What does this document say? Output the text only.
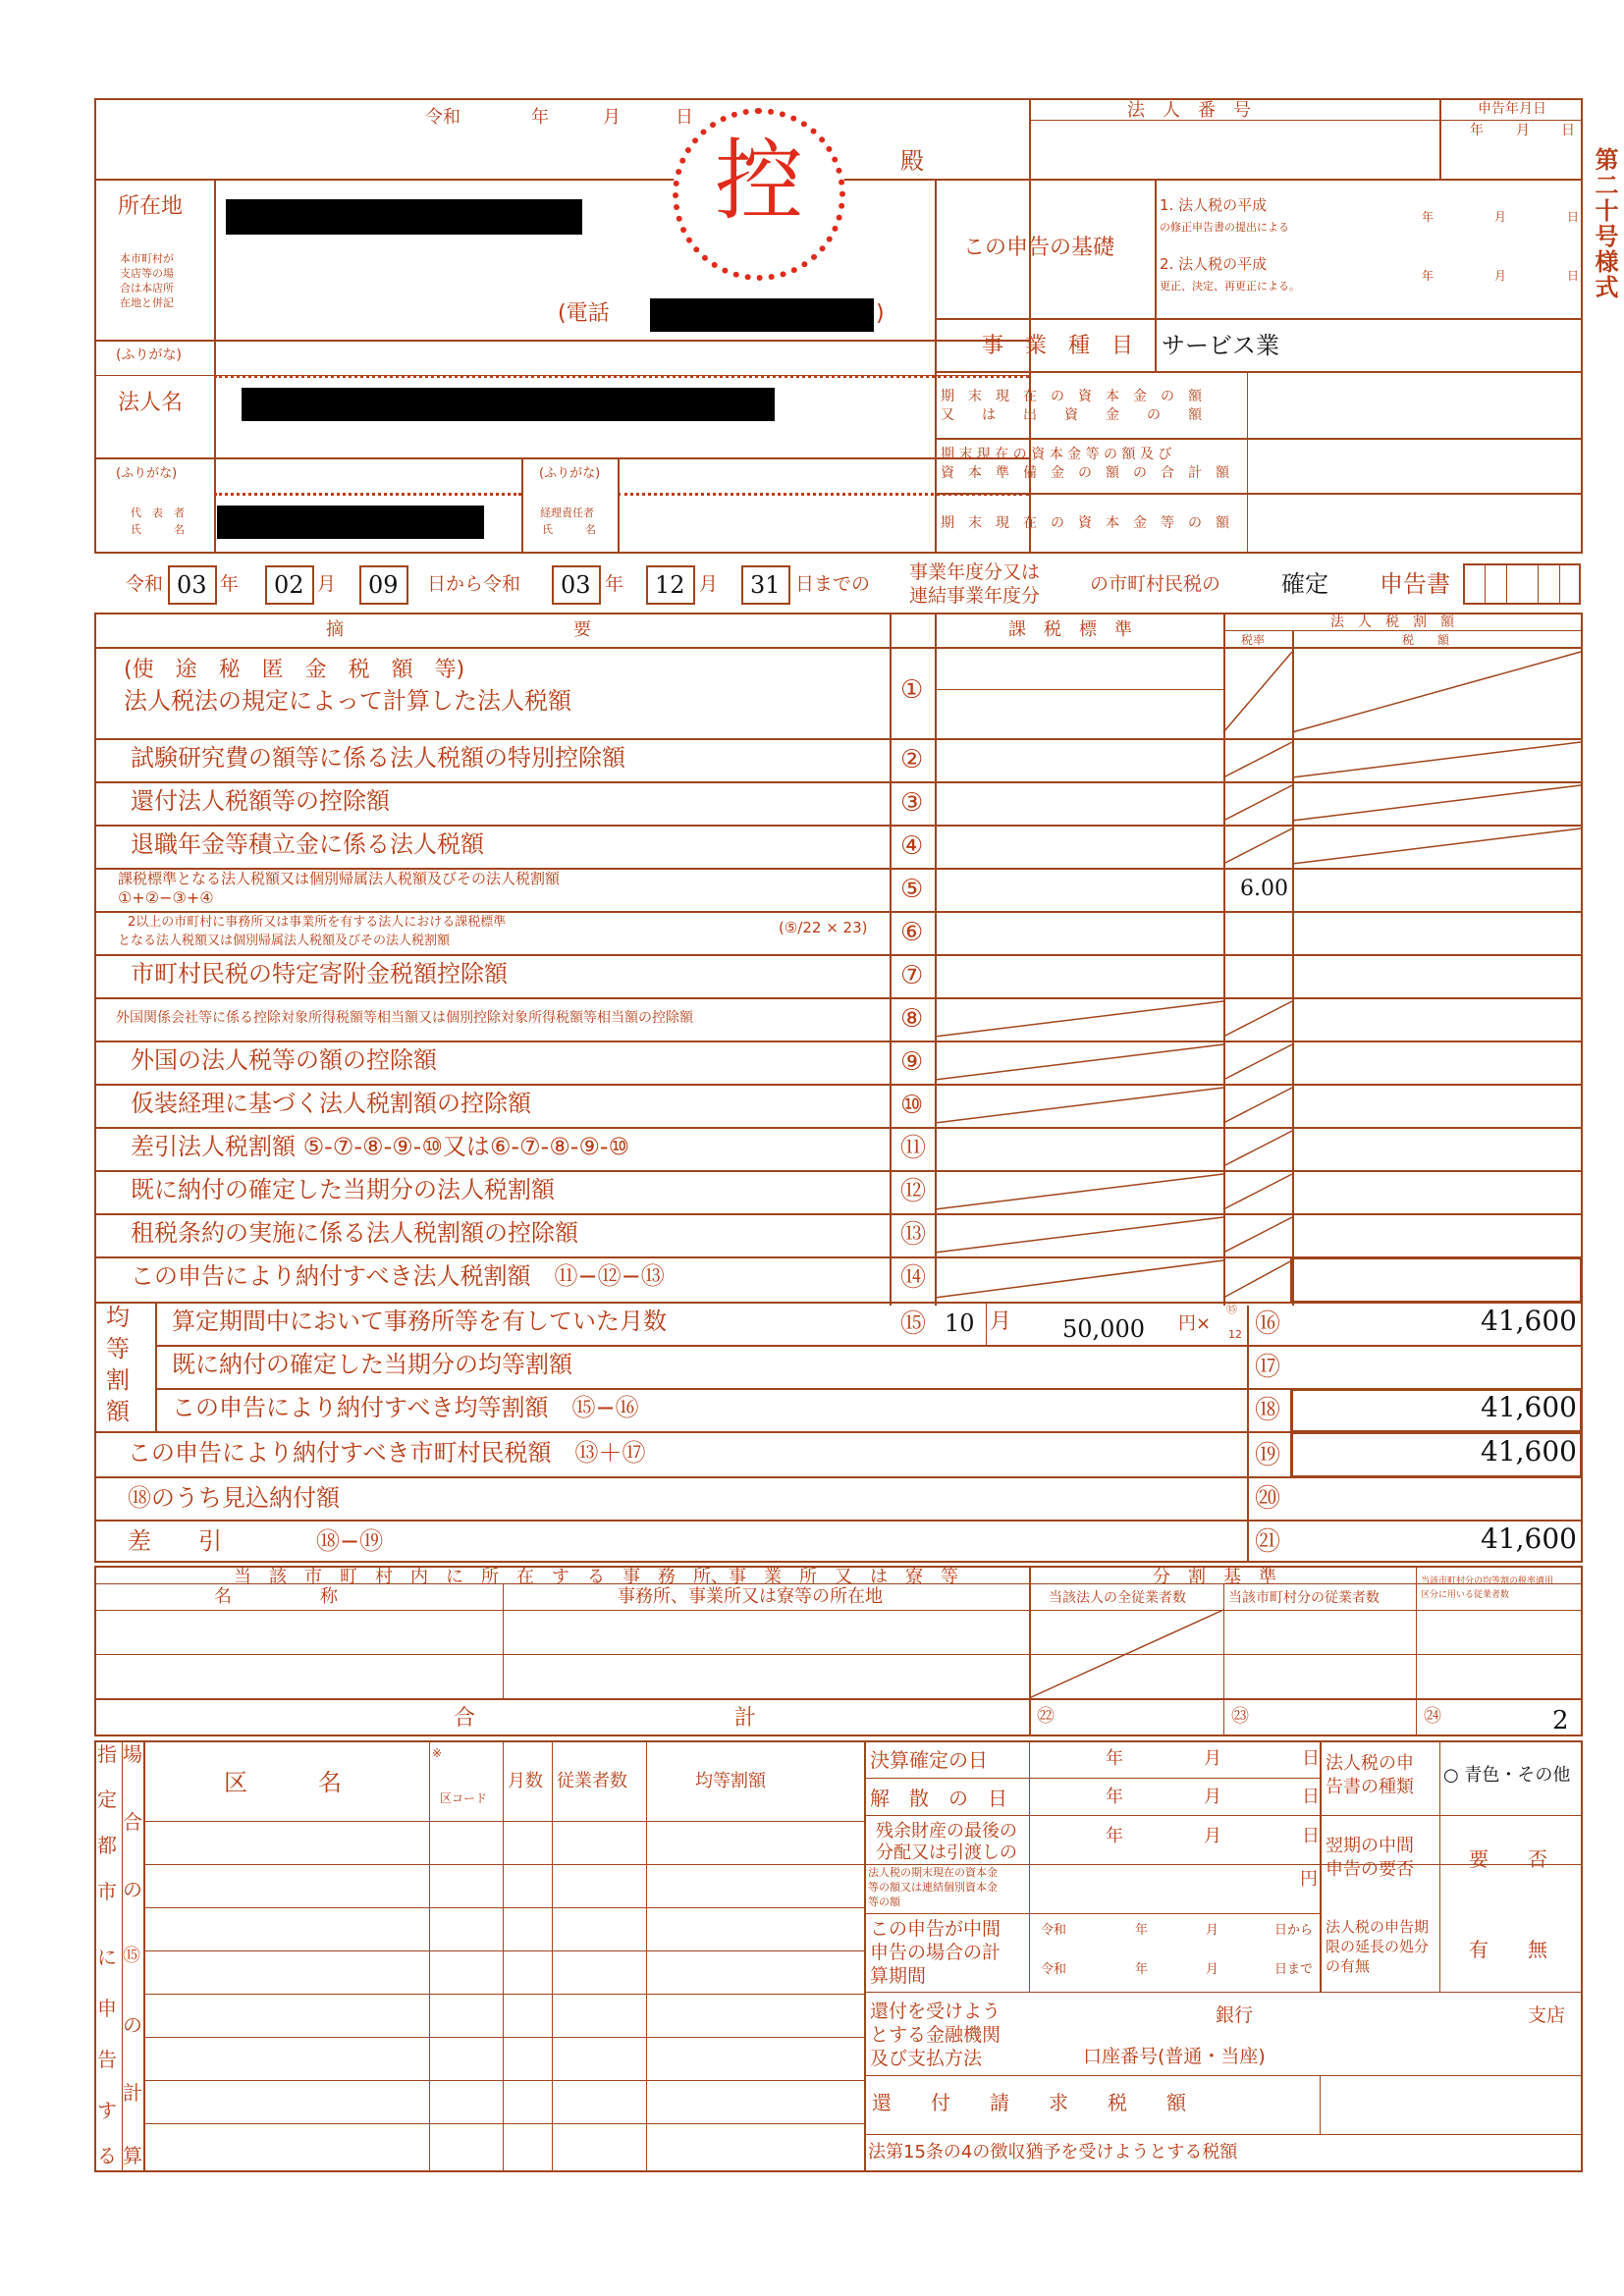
第二十号様式
令和	年	月	日
控	殿
法　人　番　号	申告年月日
年 月 日
所在地
本市町村が
支店等の場
合は本店所
在地と併記	(電話	)
(ふりがな)
法人名
(ふりがな)
代　表　者
氏　　　名
(ふりがな)
経理責任者
氏　　　名
この申告の基礎
1. 法人税の平成
の修正申告書の提出による
2. 法人税の平成
更正、決定、再更正による。
年	月	日
年	月	日
事　業　種　目 サービス業
期　末　現　在　の　資　本　金　の　額
又　　は　　出　　資　　金　　の　　額
期 末 現 在 の 資 本 金 等 の 額 及 び
資　本　準　備　金　の　額　の　合　計　額
期　末　現　在　の　資　本　金　等　の　額
令和 03 年 02 月 09 日から令和 03 年 12 月 31 日までの
事業年度分又は
連結事業年度分
の市町村民税の	確定 申告書
摘　　　　　　　　　　　　　要	課　税　標　準	法　人　税　割　額
税率	税　　額
(使　途　秘　匿　金　税　額　等)
法人税法の規定によって計算した法人税額	①
試験研究費の額等に係る法人税額の特別控除額	②
還付法人税額等の控除額	③
退職年金等積立金に係る法人税額	④
課税標準となる法人税額又は個別帰属法人税額及びその法人税割額
①+②−③+④	⑤	6.00
2以上の市町村に事務所又は事業所を有する法人における課税標準
となる法人税額又は個別帰属法人税額及びその法人税割額
(⑤/22 × 23) ⑥
市町村民税の特定寄附金税額控除額	⑦
外国関係会社等に係る控除対象所得税額等相当額又は個別控除対象所得税額等相当額の控除額	⑧
外国の法人税等の額の控除額	⑨
仮装経理に基づく法人税割額の控除額	⑩
差引法人税割額 ⑤-⑦-⑧-⑨-⑩又は⑥-⑦-⑧-⑨-⑩	⑪
既に納付の確定した当期分の法人税割額	⑫
租税条約の実施に係る法人税割額の控除額	⑬
この申告により納付すべき法人税割額　⑪−⑫−⑬	⑭
均
等
割
額
算定期間中において事務所等を有していた月数	⑮ 10 月 50,000 円×
⑮
12 ⑯	41,600
既に納付の確定した当期分の均等割額	⑰
この申告により納付すべき均等割額　⑮−⑯	⑱	41,600
この申告により納付すべき市町村民税額　⑬＋⑰	⑲	41,600
⑱のうち見込納付額	⑳
差　　引　　　　⑱−⑲	㉑	41,600
当　該　市　町　村　内　に　所　在　す　る　事　務　所、事　業　所　又　は　寮　等	分　割　基　準
名　　　　　称	事務所、事業所又は寮等の所在地	当該法人の全従業者数	当該市町村分の従業者数
当該市町村分の均等割の税率適用
区分に用いる従業者数
合　　　　　　　　　　　　計	㉒	㉓	㉔	2
指
定
都
市
に
申
告
す
る
場
合
の
⑮
の
計
算
区　　　名
※
区コード
月数 従業者数	均等割額
決算確定の日	年	月	日
解　散　の　日	年	月	日
残余財産の最後の
分配又は引渡しの
年	月	日
法人税の期末現在の資本金
等の額又は連結個別資本金
等の額
円
この申告が中間
申告の場合の計
算期間
令和	年	月	日から
令和	年	月	日まで
法人税の申
告書の種類
○ 青色・その他
翌期の中間
申告の要否	要　　否
法人税の申告期
限の延長の処分
の有無
有　　無
還付を受けよう
とする金融機関
及び支払方法
銀行	支店
口座番号(普通・当座)
還　　付　　請　　求　　税　　額
法第15条の4の徴収猶予を受けようとする税額
